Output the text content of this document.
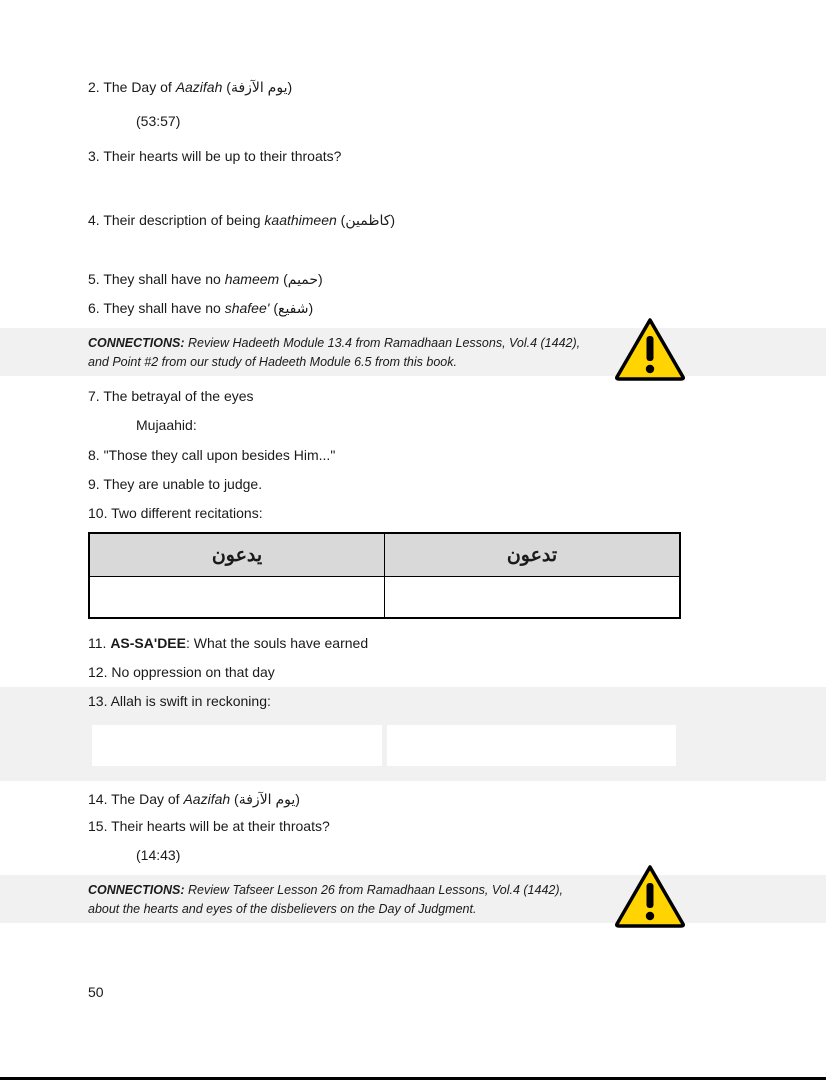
2. The Day of Aazifah (يوم الآزفة)
(53:57)
3. Their hearts will be up to their throats?
4. Their description of being kaathimeen (كاظمين)
5. They shall have no hameem (حميم)
6. They shall have no shafee' (شفيع)
CONNECTIONS: Review Hadeeth Module 13.4 from Ramadhaan Lessons, Vol.4 (1442),
and Point #2 from our study of Hadeeth Module 6.5 from this book.
7. The betrayal of the eyes
Mujaahid:
8. "Those they call upon besides Him..."
9. They are unable to judge.
10. Two different recitations:
يدعون	تدعون

11. AS-SA'DEE: What the souls have earned
12. No oppression on that day
13. Allah is swift in reckoning:
14. The Day of Aazifah (يوم الآزفة)
15. Their hearts will be at their throats?
(14:43)
CONNECTIONS: Review Tafseer Lesson 26 from Ramadhaan Lessons, Vol.4 (1442),
about the hearts and eyes of the disbelievers on the Day of Judgment.
50
